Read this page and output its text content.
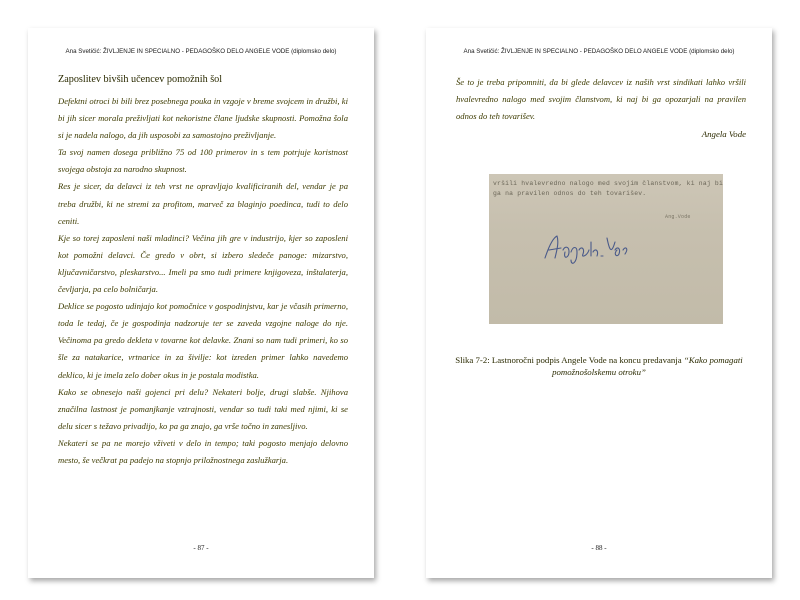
Ana Svetičić: ŽIVLJENJE IN SPECIALNO - PEDAGOŠKO DELO ANGELE VODE (diplomsko delo)
Zaposlitev bivših učencev pomožnih šol

Defektni otroci bi bili brez posebnega pouka in vzgoje v breme svojcem in družbi, ki bi jih sicer morala preživljati kot nekoristne člane ljudske skupnosti. Pomožna šola si je nadela nalogo, da jih usposobi za samostojno preživljanje.

Ta svoj namen dosega približno 75 od 100 primerov in s tem potrjuje koristnost svojega obstoja za narodno skupnost.

Res je sicer, da delavci iz teh vrst ne opravljajo kvalificiranih del, vendar je pa treba družbi, ki ne stremi za profitom, marveč za blaginjo poedinca, tudi to delo ceniti.

Kje so torej zaposleni naši mladinci? Večina jih gre v industrijo, kjer so zaposleni kot pomožni delavci. Če gredo v obrt, si izbero sledeče panoge: mizarstvo, ključavničarstvo, pleskarstvo... Imeli pa smo tudi primere knjigoveza, inštalaterja, čevljarja, pa celo bolničarja.

Deklice se pogosto udinjajo kot pomočnice v gospodinjstvu, kar je včasih primerno, toda le tedaj, če je gospodinja nadzoruje ter se zaveda vzgojne naloge do nje. Večinoma pa gredo dekleta v tovarne kot delavke. Znani so nam tudi primeri, ko so šle za natakarice, vrtnarice in za šivilje: kot izreden primer lahko navedemo deklico, ki je imela zelo dober okus in je postala modistka.

Kako se obnesejo naši gojenci pri delu? Nekateri bolje, drugi slabše. Njihova značilna lastnost je pomanjkanje vztrajnosti, vendar so tudi taki med njimi, ki se delu sicer s težavo privadijo, ko pa ga znajo, ga vrše točno in zanesljivo.

Nekateri se pa ne morejo vživeti v delo in tempo; taki pogosto menjajo delovno mesto, še večkrat pa padejo na stopnjo priložnostnega zaslužkarja.

- 87 -
Ana Svetičić: ŽIVLJENJE IN SPECIALNO - PEDAGOŠKO DELO ANGELE VODE (diplomsko delo)

Še to je treba pripomniti, da bi glede delavcev iz naših vrst sindikati lahko vršili hvalevredno nalogo med svojim članstvom, ki naj bi ga opozarjali na pravilen odnos do teh tovarišev.

Angela Vode
vršili hvalevredno nalogo med svojim članstvom, ki naj bi
ga na pravilen odnos do teh tovarišev.
Ang.Vode
Slika 7-2: Lastnoročni podpis Angele Vode na koncu predavanja “Kako pomagati pomožnošolskemu otroku”
- 88 -
